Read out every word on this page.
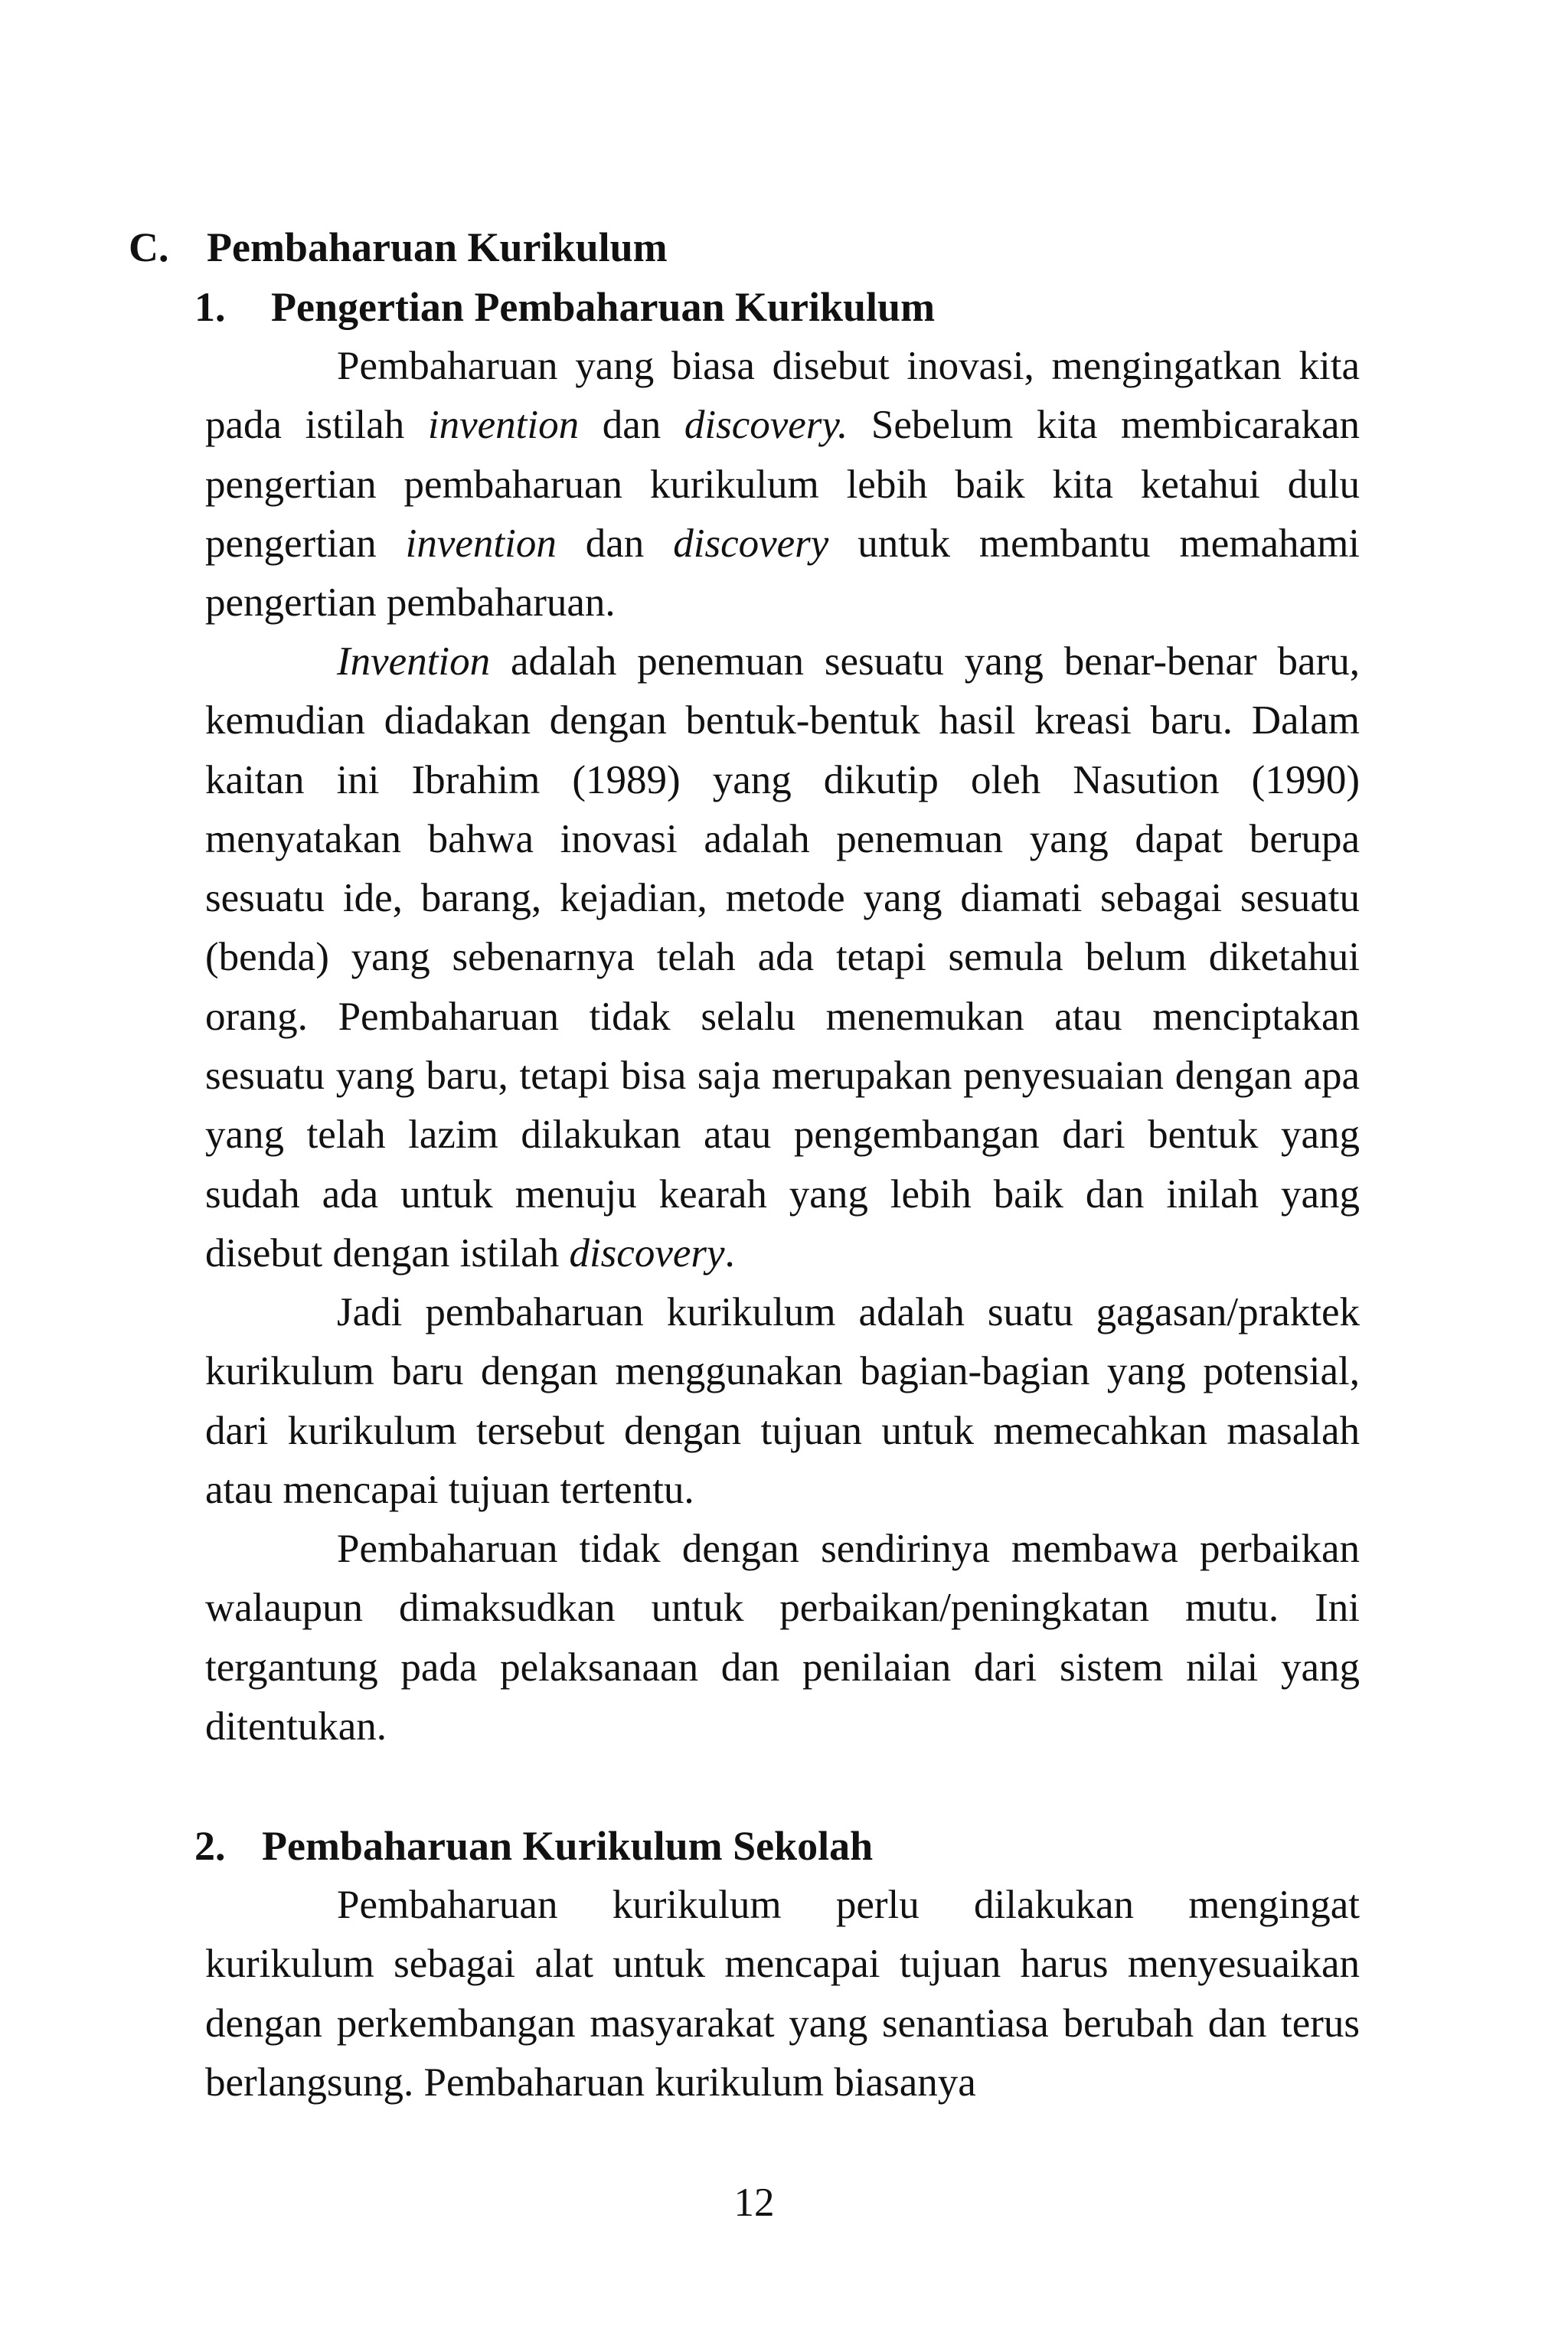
C. Pembaharuan Kurikulum
1. Pengertian Pembaharuan Kurikulum

Pembaharuan yang biasa disebut inovasi, mengingatkan kita pada istilah invention dan discovery. Sebelum kita membicarakan pengertian pembaharuan kurikulum lebih baik kita ketahui dulu pengertian invention dan discovery untuk membantu memahami pengertian pembaharuan.

Invention adalah penemuan sesuatu yang benar-benar baru, kemudian diadakan dengan bentuk-bentuk hasil kreasi baru. Dalam kaitan ini Ibrahim (1989) yang dikutip oleh Nasution (1990) menyatakan bahwa inovasi adalah penemuan yang dapat berupa sesuatu ide, barang, kejadian, metode yang diamati sebagai sesuatu (benda) yang sebenarnya telah ada tetapi semula belum diketahui orang. Pembaharuan tidak selalu menemukan atau menciptakan sesuatu yang baru, tetapi bisa saja merupakan penyesuaian dengan apa yang telah lazim dilakukan atau pengembangan dari bentuk yang sudah ada untuk menuju kearah yang lebih baik dan inilah yang disebut dengan istilah discovery.

Jadi pembaharuan kurikulum adalah suatu gagasan/praktek kurikulum baru dengan menggunakan bagian-bagian yang potensial, dari kurikulum tersebut dengan tujuan untuk memecahkan masalah atau mencapai tujuan tertentu.

Pembaharuan tidak dengan sendirinya membawa perbaikan walaupun dimaksudkan untuk perbaikan/peningkatan mutu. Ini tergantung pada pelaksanaan dan penilaian dari sistem nilai yang ditentukan.

2. Pembaharuan Kurikulum Sekolah

Pembaharuan kurikulum perlu dilakukan mengingat kurikulum sebagai alat untuk mencapai tujuan harus menyesuaikan dengan perkembangan masyarakat yang senantiasa berubah dan terus berlangsung. Pembaharuan kurikulum biasanya

12
